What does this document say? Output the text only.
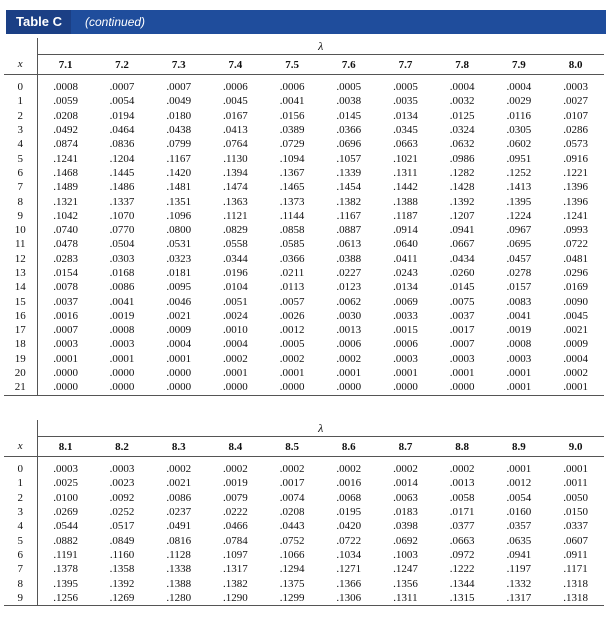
Table C	(continued)
	λ									
x	7.1	7.2	7.3	7.4	7.5	7.6	7.7	7.8	7.9	8.0
0	.0008	.0007	.0007	.0006	.0006	.0005	.0005	.0004	.0004	.0003
1	.0059	.0054	.0049	.0045	.0041	.0038	.0035	.0032	.0029	.0027
2	.0208	.0194	.0180	.0167	.0156	.0145	.0134	.0125	.0116	.0107
3	.0492	.0464	.0438	.0413	.0389	.0366	.0345	.0324	.0305	.0286
4	.0874	.0836	.0799	.0764	.0729	.0696	.0663	.0632	.0602	.0573
5	.1241	.1204	.1167	.1130	.1094	.1057	.1021	.0986	.0951	.0916
6	.1468	.1445	.1420	.1394	.1367	.1339	.1311	.1282	.1252	.1221
7	.1489	.1486	.1481	.1474	.1465	.1454	.1442	.1428	.1413	.1396
8	.1321	.1337	.1351	.1363	.1373	.1382	.1388	.1392	.1395	.1396
9	.1042	.1070	.1096	.1121	.1144	.1167	.1187	.1207	.1224	.1241
10	.0740	.0770	.0800	.0829	.0858	.0887	.0914	.0941	.0967	.0993
11	.0478	.0504	.0531	.0558	.0585	.0613	.0640	.0667	.0695	.0722
12	.0283	.0303	.0323	.0344	.0366	.0388	.0411	.0434	.0457	.0481
13	.0154	.0168	.0181	.0196	.0211	.0227	.0243	.0260	.0278	.0296
14	.0078	.0086	.0095	.0104	.0113	.0123	.0134	.0145	.0157	.0169
15	.0037	.0041	.0046	.0051	.0057	.0062	.0069	.0075	.0083	.0090
16	.0016	.0019	.0021	.0024	.0026	.0030	.0033	.0037	.0041	.0045
17	.0007	.0008	.0009	.0010	.0012	.0013	.0015	.0017	.0019	.0021
18	.0003	.0003	.0004	.0004	.0005	.0006	.0006	.0007	.0008	.0009
19	.0001	.0001	.0001	.0002	.0002	.0002	.0003	.0003	.0003	.0004
20	.0000	.0000	.0000	.0001	.0001	.0001	.0001	.0001	.0001	.0002
21	.0000	.0000	.0000	.0000	.0000	.0000	.0000	.0000	.0001	.0001
	λ									
x	8.1	8.2	8.3	8.4	8.5	8.6	8.7	8.8	8.9	9.0
0	.0003	.0003	.0002	.0002	.0002	.0002	.0002	.0002	.0001	.0001
1	.0025	.0023	.0021	.0019	.0017	.0016	.0014	.0013	.0012	.0011
2	.0100	.0092	.0086	.0079	.0074	.0068	.0063	.0058	.0054	.0050
3	.0269	.0252	.0237	.0222	.0208	.0195	.0183	.0171	.0160	.0150
4	.0544	.0517	.0491	.0466	.0443	.0420	.0398	.0377	.0357	.0337
5	.0882	.0849	.0816	.0784	.0752	.0722	.0692	.0663	.0635	.0607
6	.1191	.1160	.1128	.1097	.1066	.1034	.1003	.0972	.0941	.0911
7	.1378	.1358	.1338	.1317	.1294	.1271	.1247	.1222	.1197	.1171
8	.1395	.1392	.1388	.1382	.1375	.1366	.1356	.1344	.1332	.1318
9	.1256	.1269	.1280	.1290	.1299	.1306	.1311	.1315	.1317	.1318
